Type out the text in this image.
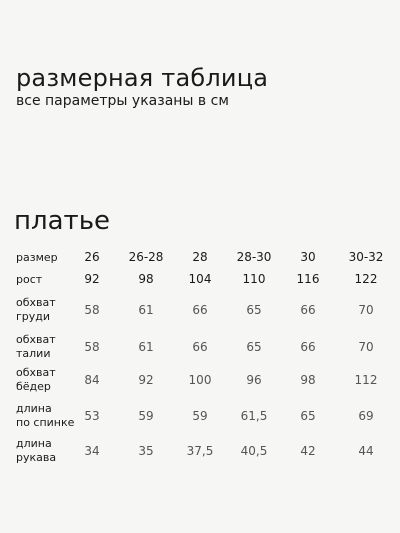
размерная таблица

все параметры указаны в см

платье
размер	26	26-28	28	28-30	30	30-32
рост	92	98	104	110	116	122
обхват
груди	58	61	66	65	66	70
обхват
талии	58	61	66	65	66	70
обхват
бёдер	84	92	100	96	98	112
длина
по спинке 53	59	59	61,5	65	69
длина
рукава	34	35	37,5	40,5	42	44
